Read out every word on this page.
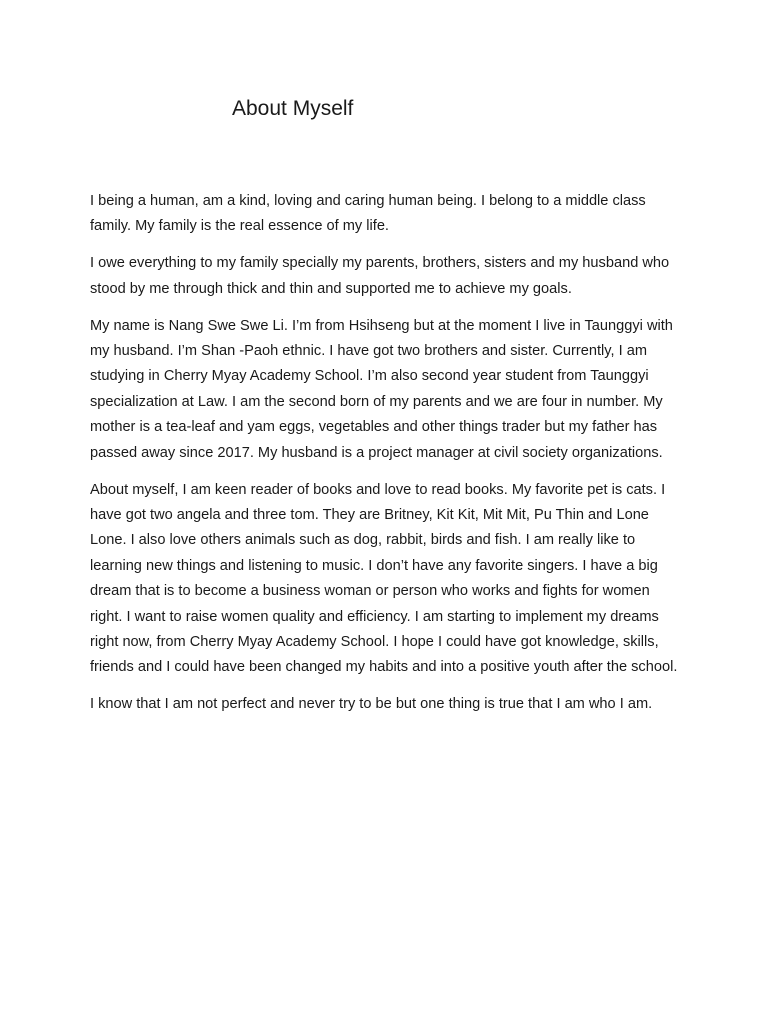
About Myself

I being a human, am a kind, loving and caring human being. I belong to a middle class family. My family is the real essence of my life.

I owe everything to my family specially my parents, brothers, sisters and my husband who stood by me through thick and thin and supported me to achieve my goals.

My name is Nang Swe Swe Li. I’m from Hsihseng but at the moment I live in Taunggyi with my husband. I’m Shan -Paoh ethnic. I have got two brothers and sister. Currently, I am studying in Cherry Myay Academy School. I’m also second year student from Taunggyi specialization at Law. I am the second born of my parents and we are four in number. My mother is a tea-leaf and yam eggs, vegetables and other things trader but my father has passed away since 2017. My husband is a project manager at civil society organizations.

About myself, I am keen reader of books and love to read books. My favorite pet is cats. I have got two angela and three tom. They are Britney, Kit Kit, Mit Mit, Pu Thin and Lone Lone. I also love others animals such as dog, rabbit, birds and fish. I am really like to learning new things and listening to music. I don’t have any favorite singers. I have a big dream that is to become a business woman or person who works and fights for women right. I want to raise women quality and efficiency. I am starting to implement my dreams right now, from Cherry Myay Academy School. I hope I could have got knowledge, skills, friends and I could have been changed my habits and into a positive youth after the school.

I know that I am not perfect and never try to be but one thing is true that I am who I am.
